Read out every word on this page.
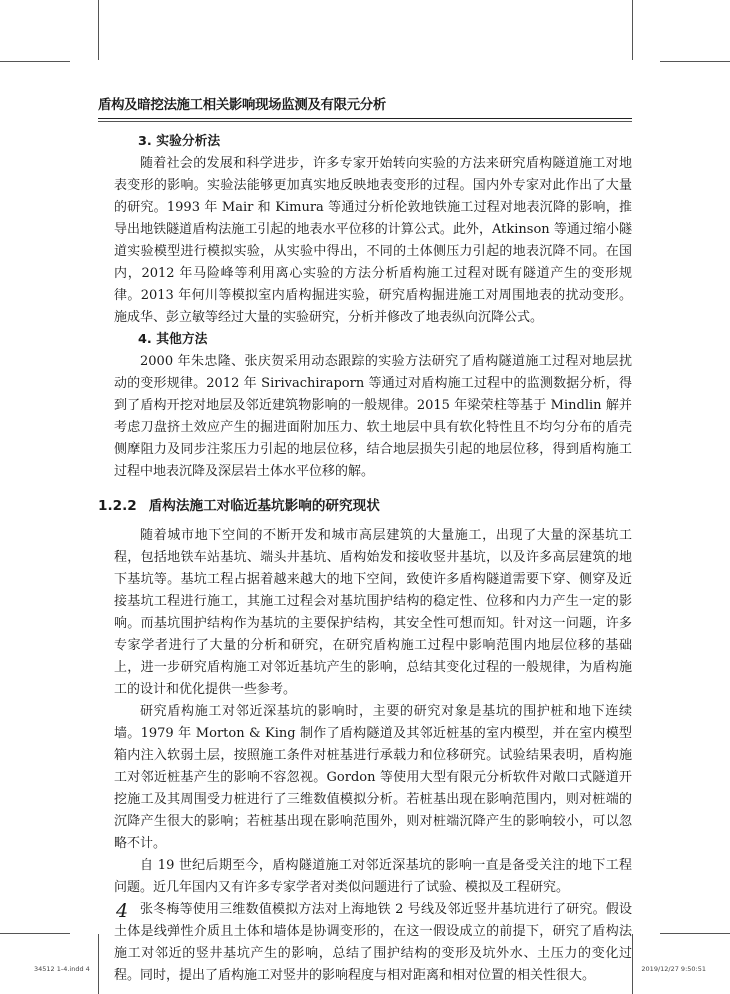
盾构及暗挖法施工相关影响现场监测及有限元分析
3. 实验分析法

随着社会的发展和科学进步，许多专家开始转向实验的方法来研究盾构隧道施工对地表变形的影响。实验法能够更加真实地反映地表变形的过程。国内外专家对此作出了大量的研究。1993 年 Mair 和 Kimura 等通过分析伦敦地铁施工过程对地表沉降的影响，推导出地铁隧道盾构法施工引起的地表水平位移的计算公式。此外，Atkinson 等通过缩小隧道实验模型进行模拟实验，从实验中得出，不同的土体侧压力引起的地表沉降不同。在国内，2012 年马险峰等利用离心实验的方法分析盾构施工过程对既有隧道产生的变形规律。2013 年何川等模拟室内盾构掘进实验，研究盾构掘进施工对周围地表的扰动变形。施成华、彭立敏等经过大量的实验研究，分析并修改了地表纵向沉降公式。

4. 其他方法

2000 年朱忠隆、张庆贺采用动态跟踪的实验方法研究了盾构隧道施工过程对地层扰动的变形规律。2012 年 Sirivachiraporn 等通过对盾构施工过程中的监测数据分析，得到了盾构开挖对地层及邻近建筑物影响的一般规律。2015 年梁荣柱等基于 Mindlin 解并考虑刀盘挤土效应产生的掘进面附加压力、软土地层中具有软化特性且不均匀分布的盾壳侧摩阻力及同步注浆压力引起的地层位移，结合地层损失引起的地层位移，得到盾构施工过程中地表沉降及深层岩土体水平位移的解。

1.2.2 盾构法施工对临近基坑影响的研究现状

随着城市地下空间的不断开发和城市高层建筑的大量施工，出现了大量的深基坑工程，包括地铁车站基坑、端头井基坑、盾构始发和接收竖井基坑，以及许多高层建筑的地下基坑等。基坑工程占据着越来越大的地下空间，致使许多盾构隧道需要下穿、侧穿及近接基坑工程进行施工，其施工过程会对基坑围护结构的稳定性、位移和内力产生一定的影响。而基坑围护结构作为基坑的主要保护结构，其安全性可想而知。针对这一问题，许多专家学者进行了大量的分析和研究，在研究盾构施工过程中影响范围内地层位移的基础上，进一步研究盾构施工对邻近基坑产生的影响，总结其变化过程的一般规律，为盾构施工的设计和优化提供一些参考。

研究盾构施工对邻近深基坑的影响时，主要的研究对象是基坑的围护桩和地下连续墙。1979 年 Morton & King 制作了盾构隧道及其邻近桩基的室内模型，并在室内模型箱内注入软弱土层，按照施工条件对桩基进行承载力和位移研究。试验结果表明，盾构施工对邻近桩基产生的影响不容忽视。Gordon 等使用大型有限元分析软件对敞口式隧道开挖施工及其周围受力桩进行了三维数值模拟分析。若桩基出现在影响范围内，则对桩端的沉降产生很大的影响；若桩基出现在影响范围外，则对桩端沉降产生的影响较小，可以忽略不计。

自 19 世纪后期至今，盾构隧道施工对邻近深基坑的影响一直是备受关注的地下工程问题。近几年国内又有许多专家学者对类似问题进行了试验、模拟及工程研究。

张冬梅等使用三维数值模拟方法对上海地铁 2 号线及邻近竖井基坑进行了研究。假设土体是线弹性介质且土体和墙体是协调变形的，在这一假设成立的前提下，研究了盾构法施工对邻近的竖井基坑产生的影响，总结了围护结构的变形及坑外水、土压力的变化过程。同时，提出了盾构施工对竖井的影响程度与相对距离和相对位置的相关性很大。

4
34512 1-4.indd 4	2019/12/27 9:50:51
